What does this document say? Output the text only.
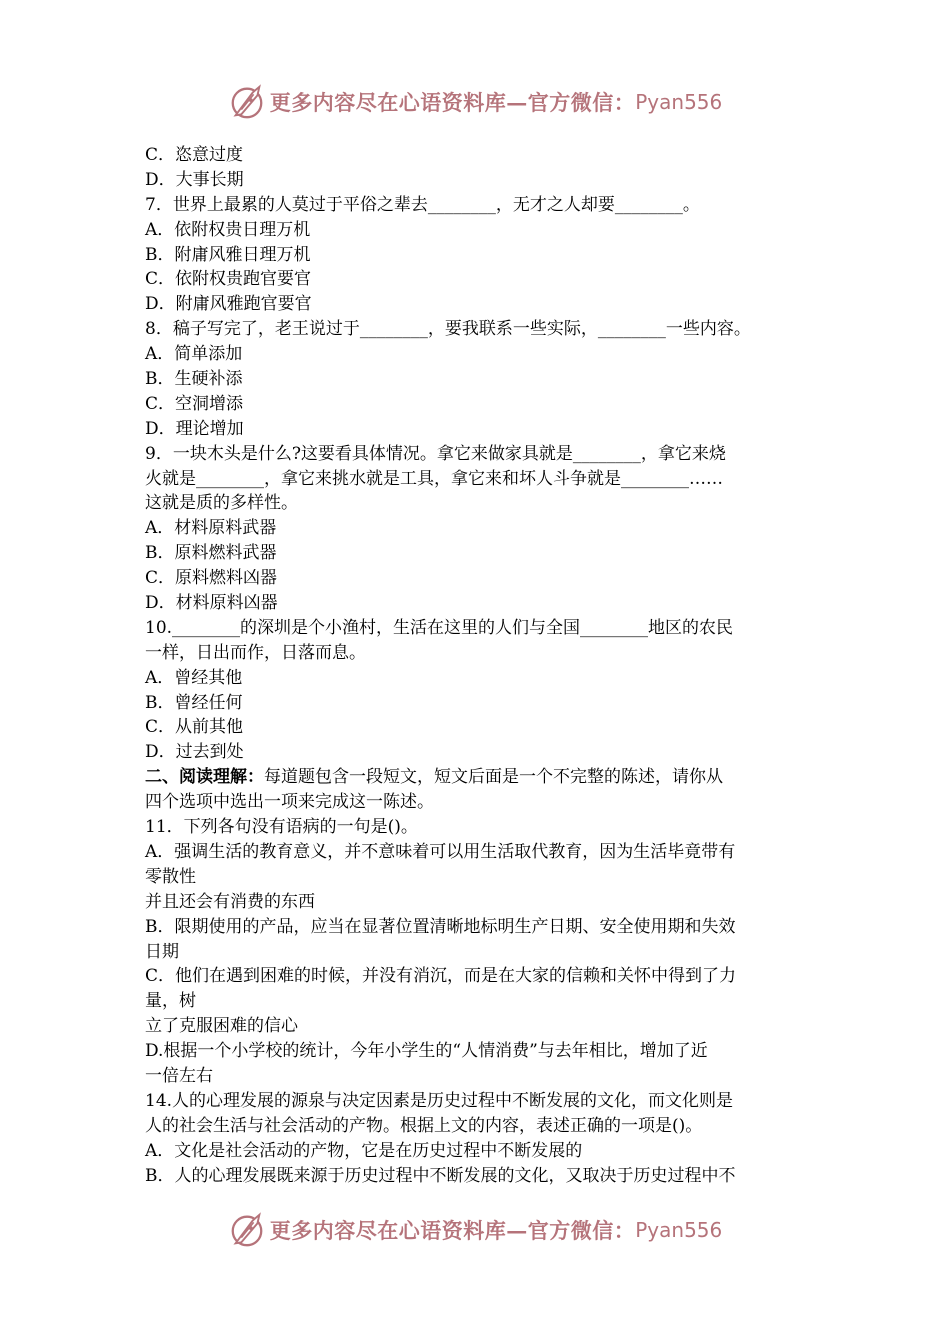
更多内容尽在心语资料库—官方微信： Pyan556
C．恣意过度
D．大事长期
7．世界上最累的人莫过于平俗之辈去________，无才之人却要________。
A．依附权贵日理万机
B．附庸风雅日理万机
C．依附权贵跑官要官
D．附庸风雅跑官要官
8．稿子写完了，老王说过于________，要我联系一些实际，________一些内容。
A．简单添加
B．生硬补添
C．空洞增添
D．理论增加
9．一块木头是什么?这要看具体情况。拿它来做家具就是________，拿它来烧
火就是________，拿它来挑水就是工具，拿它来和坏人斗争就是________……
这就是质的多样性。
A．材料原料武器
B．原料燃料武器
C．原料燃料凶器
D．材料原料凶器
10.________的深圳是个小渔村，生活在这里的人们与全国________地区的农民
一样，日出而作，日落而息。
A．曾经其他
B．曾经任何
C．从前其他
D．过去到处
二、阅读理解：每道题包含一段短文，短文后面是一个不完整的陈述，请你从
四个选项中选出一项来完成这一陈述。
11．下列各句没有语病的一句是()。
A．强调生活的教育意义，并不意味着可以用生活取代教育，因为生活毕竟带有
零散性
并且还会有消费的东西
B．限期使用的产品，应当在显著位置清晰地标明生产日期、安全使用期和失效
日期
C．他们在遇到困难的时候，并没有消沉，而是在大家的信赖和关怀中得到了力
量，树
立了克服困难的信心
D.根据一个小学校的统计，今年小学生的“人情消费”与去年相比，增加了近
一倍左右
14.人的心理发展的源泉与决定因素是历史过程中不断发展的文化，而文化则是
人的社会生活与社会活动的产物。根据上文的内容，表述正确的一项是()。
A．文化是社会活动的产物，它是在历史过程中不断发展的
B．人的心理发展既来源于历史过程中不断发展的文化，又取决于历史过程中不
更多内容尽在心语资料库—官方微信： Pyan556
